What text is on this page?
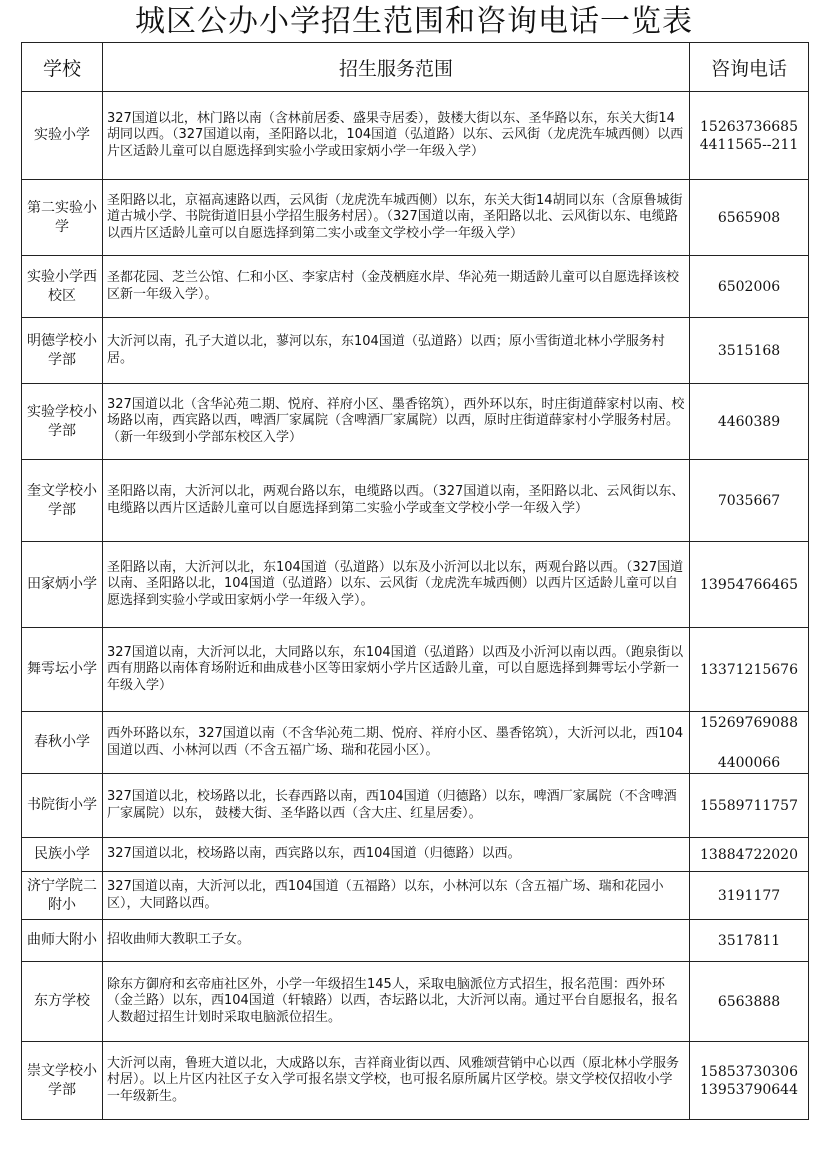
城区公办小学招生范围和咨询电话一览表
学校	招生服务范围	咨询电话
实验小学	327国道以北，林门路以南（含林前居委、盛果寺居委），鼓楼大街以东、圣华路以东，东关大街14胡同以西。（327国道以南，圣阳路以北，104国道（弘道路）以东、云风街（龙虎洗车城西侧）以西片区适龄儿童可以自愿选择到实验小学或田家炳小学一年级入学）	15263736685
4411565--211

第二实验小学	圣阳路以北，京福高速路以西，云风街（龙虎洗车城西侧）以东，东关大街14胡同以东（含原鲁城街道古城小学、书院街道旧县小学招生服务村居）。（327国道以南，圣阳路以北、云风街以东、电缆路以西片区适龄儿童可以自愿选择到第二实小或奎文学校小学一年级入学）	6565908

实验小学西校区	圣都花园、芝兰公馆、仁和小区、李家店村（金茂栖庭水岸、华沁苑一期适龄儿童可以自愿选择该校区新一年级入学）。	6502006

明德学校小学部	大沂河以南，孔子大道以北，蓼河以东，东104国道（弘道路）以西；原小雪街道北林小学服务村居。	3515168

实验学校小学部	327国道以北（含华沁苑二期、悦府、祥府小区、墨香铭筑），西外环以东，时庄街道薛家村以南、校场路以南，西宾路以西，啤酒厂家属院（含啤酒厂家属院）以西，原时庄街道薛家村小学服务村居。（新一年级到小学部东校区入学）	4460389

奎文学校小学部	圣阳路以南，大沂河以北，两观台路以东，电缆路以西。（327国道以南，圣阳路以北、云风街以东、电缆路以西片区适龄儿童可以自愿选择到第二实验小学或奎文学校小学一年级入学）	7035667

田家炳小学	圣阳路以南，大沂河以北，东104国道（弘道路）以东及小沂河以北以东，两观台路以西。（327国道以南、圣阳路以北，104国道（弘道路）以东、云风街（龙虎洗车城西侧）以西片区适龄儿童可以自愿选择到实验小学或田家炳小学一年级入学）。	13954766465

舞雩坛小学	327国道以南，大沂河以北，大同路以东，东104国道（弘道路）以西及小沂河以南以西。（跑泉街以西有朋路以南体育场附近和曲成巷小区等田家炳小学片区适龄儿童，可以自愿选择到舞雩坛小学新一年级入学）	13371215676

春秋小学	西外环路以东，327国道以南（不含华沁苑二期、悦府、祥府小区、墨香铭筑），大沂河以北，西104国道以西、小林河以西（不含五福广场、瑞和花园小区）。	15269769088
4400066

书院街小学	327国道以北，校场路以北，长春西路以南，西104国道（归德路）以东，啤酒厂家属院（不含啤酒厂家属院）以东， 鼓楼大街、圣华路以西（含大庄、红星居委）。	15589711757

民族小学	327国道以北，校场路以南，西宾路以东，西104国道（归德路）以西。	13884722020

济宁学院二附小	327国道以南，大沂河以北，西104国道（五福路）以东，小林河以东（含五福广场、瑞和花园小区），大同路以西。	3191177

曲师大附小	招收曲师大教职工子女。	3517811

东方学校	除东方御府和玄帝庙社区外，小学一年级招生145人，采取电脑派位方式招生，报名范围：西外环（金兰路）以东，西104国道（轩辕路）以西，杏坛路以北，大沂河以南。通过平台自愿报名，报名人数超过招生计划时采取电脑派位招生。	6563888

崇文学校小学部	大沂河以南，鲁班大道以北，大成路以东，吉祥商业街以西、风雅颂营销中心以西（原北林小学服务村居）。以上片区内社区子女入学可报名崇文学校，也可报名原所属片区学校。崇文学校仅招收小学一年级新生。	15853730306
13953790644
